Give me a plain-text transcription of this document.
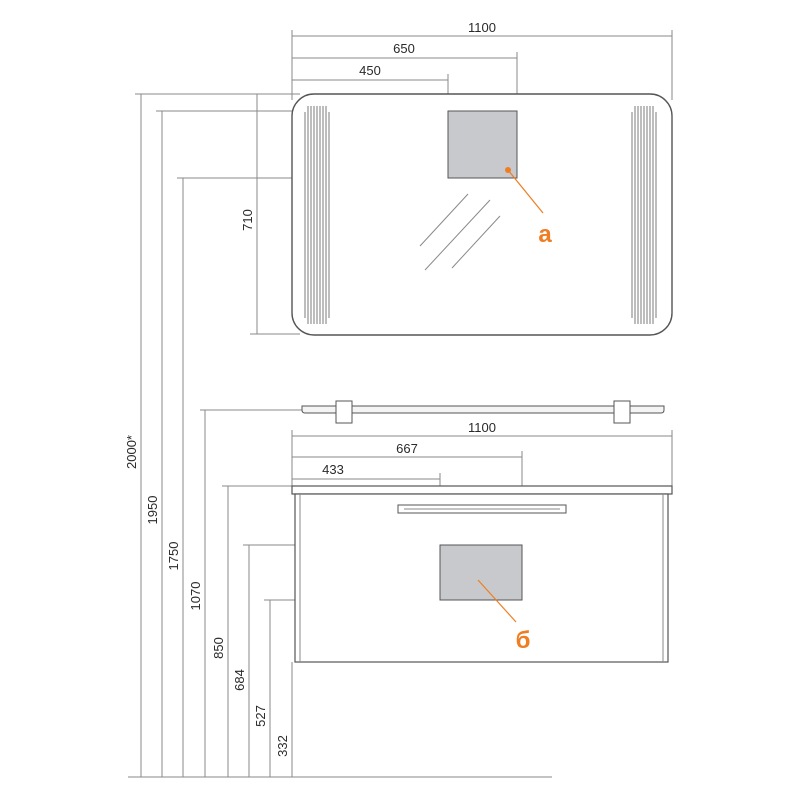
1100
650
450
1100
667
433
710
2000*
1950
1750
1070
850
684
527
332
a
б
